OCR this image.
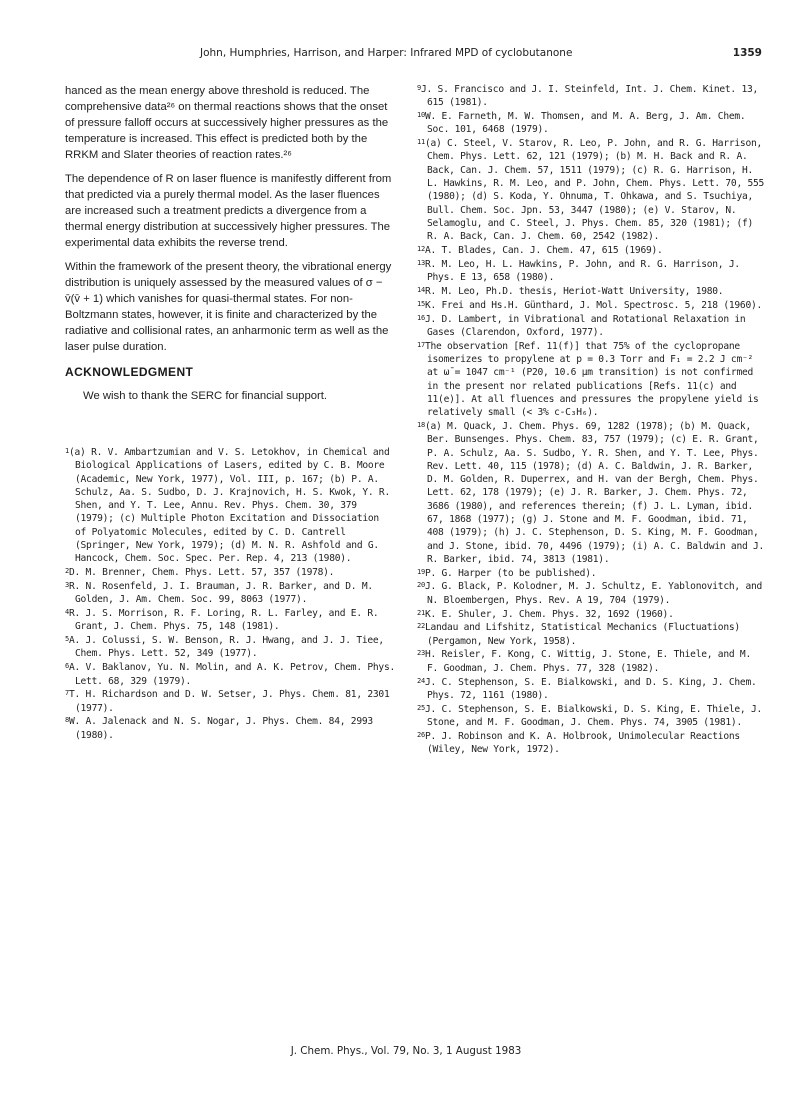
John, Humphries, Harrison, and Harper: Infrared MPD of cyclobutanone	1359

hanced as the mean energy above threshold is reduced. The comprehensive data²⁶ on thermal reactions shows that the onset of pressure falloff occurs at successively higher pressures as the temperature is increased. This effect is predicted both by the RRKM and Slater theories of reaction rates.²⁶

The dependence of R on laser fluence is manifestly different from that predicted via a purely thermal model. As the laser fluences are increased such a treatment predicts a divergence from a thermal energy distribution at successively higher pressures. The experimental data exhibits the reverse trend.

Within the framework of the present theory, the vibrational energy distribution is uniquely assessed by the measured values of σ − v̄(v̄ + 1) which vanishes for quasi-thermal states. For non-Boltzmann states, however, it is finite and characterized by the radiative and collisional rates, an anharmonic term as well as the laser pulse duration.

ACKNOWLEDGMENT

We wish to thank the SERC for financial support.

$^1$(a) R. V. Ambartzumian and V. S. Letokhov, in Chemical and Biological Applications of Lasers, edited by C. B. Moore (Academic, New York, 1977), Vol. III, p. 167; (b) P. A. Schulz, Aa. S. Sudbo, D. J. Krajnovich, H. S. Kwok, Y. R. Shen, and Y. T. Lee, Annu. Rev. Phys. Chem. 30, 379 (1979); (c) Multiple Photon Excitation and Dissociation of Polyatomic Molecules, edited by C. D. Cantrell (Springer, New York, 1979); (d) M. N. R. Ashfold and G. Hancock, Chem. Soc. Spec. Per. Rep. 4, 213 (1980).
$^2$D. M. Brenner, Chem. Phys. Lett. 57, 357 (1978).
$^3$R. N. Rosenfeld, J. I. Brauman, J. R. Barker, and D. M. Golden, J. Am. Chem. Soc. 99, 8063 (1977).
$^4$R. J. S. Morrison, R. F. Loring, R. L. Farley, and E. R. Grant, J. Chem. Phys. 75, 148 (1981).
$^5$A. J. Colussi, S. W. Benson, R. J. Hwang, and J. J. Tiee, Chem. Phys. Lett. 52, 349 (1977).
$^6$A. V. Baklanov, Yu. N. Molin, and A. K. Petrov, Chem. Phys. Lett. 68, 329 (1979).
$^7$T. H. Richardson and D. W. Setser, J. Phys. Chem. 81, 2301 (1977).
$^8$W. A. Jalenack and N. S. Nogar, J. Phys. Chem. 84, 2993 (1980).
$^9$J. S. Francisco and J. I. Steinfeld, Int. J. Chem. Kinet. 13, 615 (1981).
$^{10}$W. E. Farneth, M. W. Thomsen, and M. A. Berg, J. Am. Chem. Soc. 101, 6468 (1979).
$^{11}$(a) C. Steel, V. Starov, R. Leo, P. John, and R. G. Harrison, Chem. Phys. Lett. 62, 121 (1979); (b) M. H. Back and R. A. Back, Can. J. Chem. 57, 1511 (1979); (c) R. G. Harrison, H. L. Hawkins, R. M. Leo, and P. John, Chem. Phys. Lett. 70, 555 (1980); (d) S. Koda, Y. Ohnuma, T. Ohkawa, and S. Tsuchiya, Bull. Chem. Soc. Jpn. 53, 3447 (1980); (e) V. Starov, N. Selamoglu, and C. Steel, J. Phys. Chem. 85, 320 (1981); (f) R. A. Back, Can. J. Chem. 60, 2542 (1982).
$^{12}$A. T. Blades, Can. J. Chem. 47, 615 (1969).
$^{13}$R. M. Leo, H. L. Hawkins, P. John, and R. G. Harrison, J. Phys. E 13, 658 (1980).
$^{14}$R. M. Leo, Ph.D. thesis, Heriot-Watt University, 1980.
$^{15}$K. Frei and Hs.H. Günthard, J. Mol. Spectrosc. 5, 218 (1960).
$^{16}$J. D. Lambert, in Vibrational and Rotational Relaxation in Gases (Clarendon, Oxford, 1977).
$^{17}$The observation [Ref. 11(f)] that 75% of the cyclopropane isomerizes to propylene at p = 0.3 Torr and F₁ = 2.2 J cm⁻² at ω̄ = 1047 cm⁻¹ (P20, 10.6 μm transition) is not confirmed in the present nor related publications [Refs. 11(c) and 11(e)]. At all fluences and pressures the propylene yield is relatively small (< 3% c-C₃H₆).
$^{18}$(a) M. Quack, J. Chem. Phys. 69, 1282 (1978); (b) M. Quack, Ber. Bunsenges. Phys. Chem. 83, 757 (1979); (c) E. R. Grant, P. A. Schulz, Aa. S. Sudbo, Y. R. Shen, and Y. T. Lee, Phys. Rev. Lett. 40, 115 (1978); (d) A. C. Baldwin, J. R. Barker, D. M. Golden, R. Duperrex, and H. van der Bergh, Chem. Phys. Lett. 62, 178 (1979); (e) J. R. Barker, J. Chem. Phys. 72, 3686 (1980), and references therein; (f) J. L. Lyman, ibid. 67, 1868 (1977); (g) J. Stone and M. F. Goodman, ibid. 71, 408 (1979); (h) J. C. Stephenson, D. S. King, M. F. Goodman, and J. Stone, ibid. 70, 4496 (1979); (i) A. C. Baldwin and J. R. Barker, ibid. 74, 3813 (1981).
$^{19}$P. G. Harper (to be published).
$^{20}$J. G. Black, P. Kolodner, M. J. Schultz, E. Yablonovitch, and N. Bloembergen, Phys. Rev. A 19, 704 (1979).
$^{21}$K. E. Shuler, J. Chem. Phys. 32, 1692 (1960).
$^{22}$Landau and Lifshitz, Statistical Mechanics (Fluctuations) (Pergamon, New York, 1958).
$^{23}$H. Reisler, F. Kong, C. Wittig, J. Stone, E. Thiele, and M. F. Goodman, J. Chem. Phys. 77, 328 (1982).
$^{24}$J. C. Stephenson, S. E. Bialkowski, and D. S. King, J. Chem. Phys. 72, 1161 (1980).
$^{25}$J. C. Stephenson, S. E. Bialkowski, D. S. King, E. Thiele, J. Stone, and M. F. Goodman, J. Chem. Phys. 74, 3905 (1981).
$^{26}$P. J. Robinson and K. A. Holbrook, Unimolecular Reactions (Wiley, New York, 1972).
J. Chem. Phys., Vol. 79, No. 3, 1 August 1983
